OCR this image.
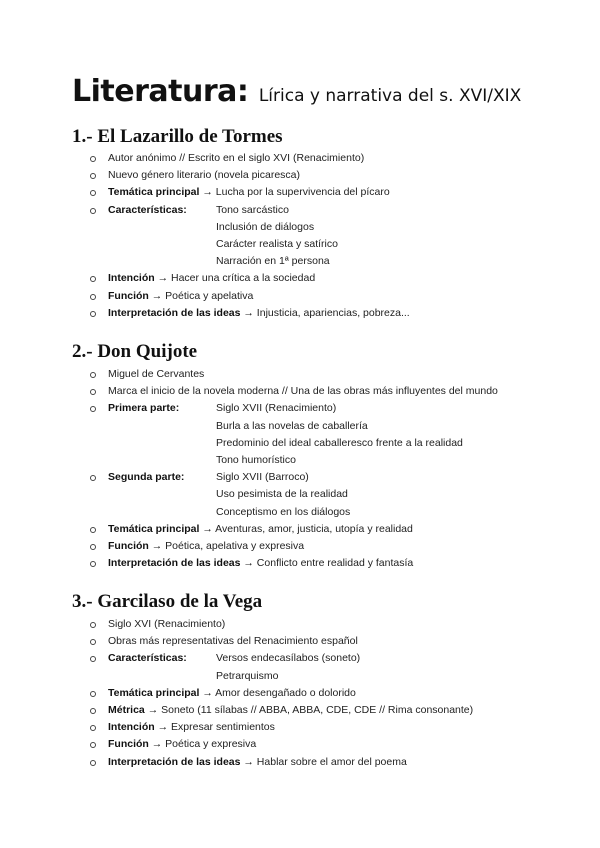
Literatura: Lírica y narrativa del s. XVI/XIX
1.- El Lazarillo de Tormes
Autor anónimo // Escrito en el siglo XVI (Renacimiento)
Nuevo género literario (novela picaresca)
Temática principal → Lucha por la supervivencia del pícaro
Características:	Tono sarcástico
Inclusión de diálogos
Carácter realista y satírico
Narración en 1ª persona
Intención → Hacer una crítica a la sociedad
Función → Poética y apelativa
Interpretación de las ideas → Injusticia, apariencias, pobreza...
2.- Don Quijote
Miguel de Cervantes
Marca el inicio de la novela moderna // Una de las obras más influyentes del mundo
Primera parte:	Siglo XVII (Renacimiento)
Burla a las novelas de caballería
Predominio del ideal caballeresco frente a la realidad
Tono humorístico
Segunda parte:	Siglo XVII (Barroco)
Uso pesimista de la realidad
Conceptismo en los diálogos
Temática principal → Aventuras, amor, justicia, utopía y realidad
Función → Poética, apelativa y expresiva
Interpretación de las ideas → Conflicto entre realidad y fantasía
3.- Garcilaso de la Vega
Siglo XVI (Renacimiento)
Obras más representativas del Renacimiento español
Características:	Versos endecasílabos (soneto)
Petrarquismo
Temática principal → Amor desengañado o dolorido
Métrica → Soneto (11 sílabas // ABBA, ABBA, CDE, CDE // Rima consonante)
Intención → Expresar sentimientos
Función → Poética y expresiva
Interpretación de las ideas → Hablar sobre el amor del poema
